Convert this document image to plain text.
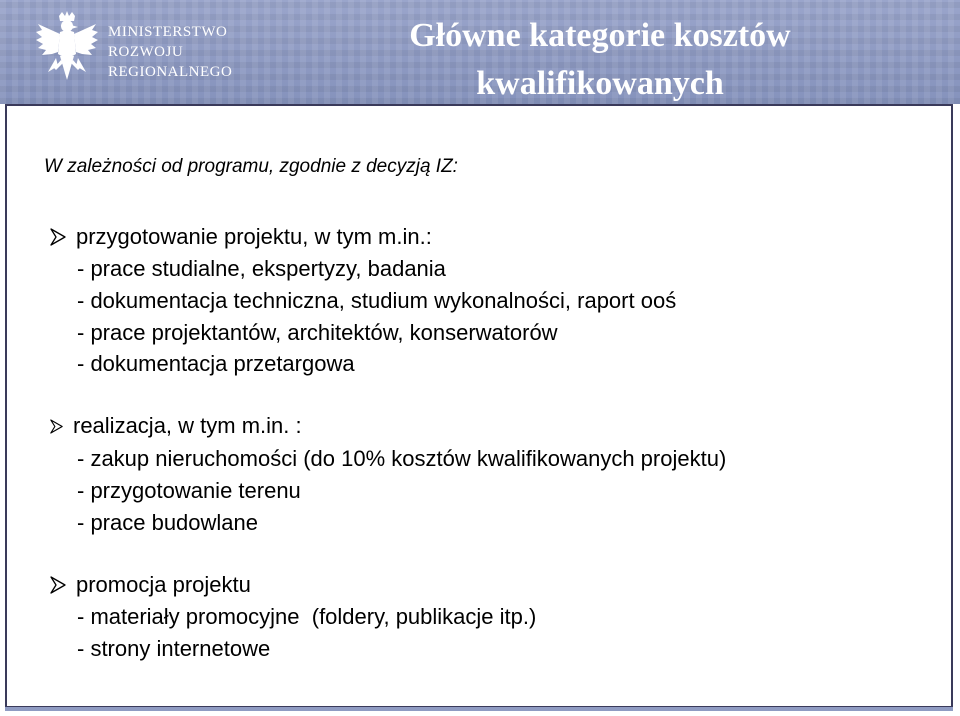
MINISTERSTWO
ROZWOJU
REGIONALNEGO
Główne kategorie kosztów kwalifikowanych
W zależności od programu, zgodnie z decyzją IZ:
przygotowanie projektu, w tym m.in.:
- prace studialne, ekspertyzy, badania
- dokumentacja techniczna, studium wykonalności, raport ooś
- prace projektantów, architektów, konserwatorów
- dokumentacja przetargowa
realizacja, w tym m.in. :
- zakup nieruchomości (do 10% kosztów kwalifikowanych projektu)
- przygotowanie terenu
- prace budowlane
promocja projektu
- materiały promocyjne  (foldery, publikacje itp.)
- strony internetowe
